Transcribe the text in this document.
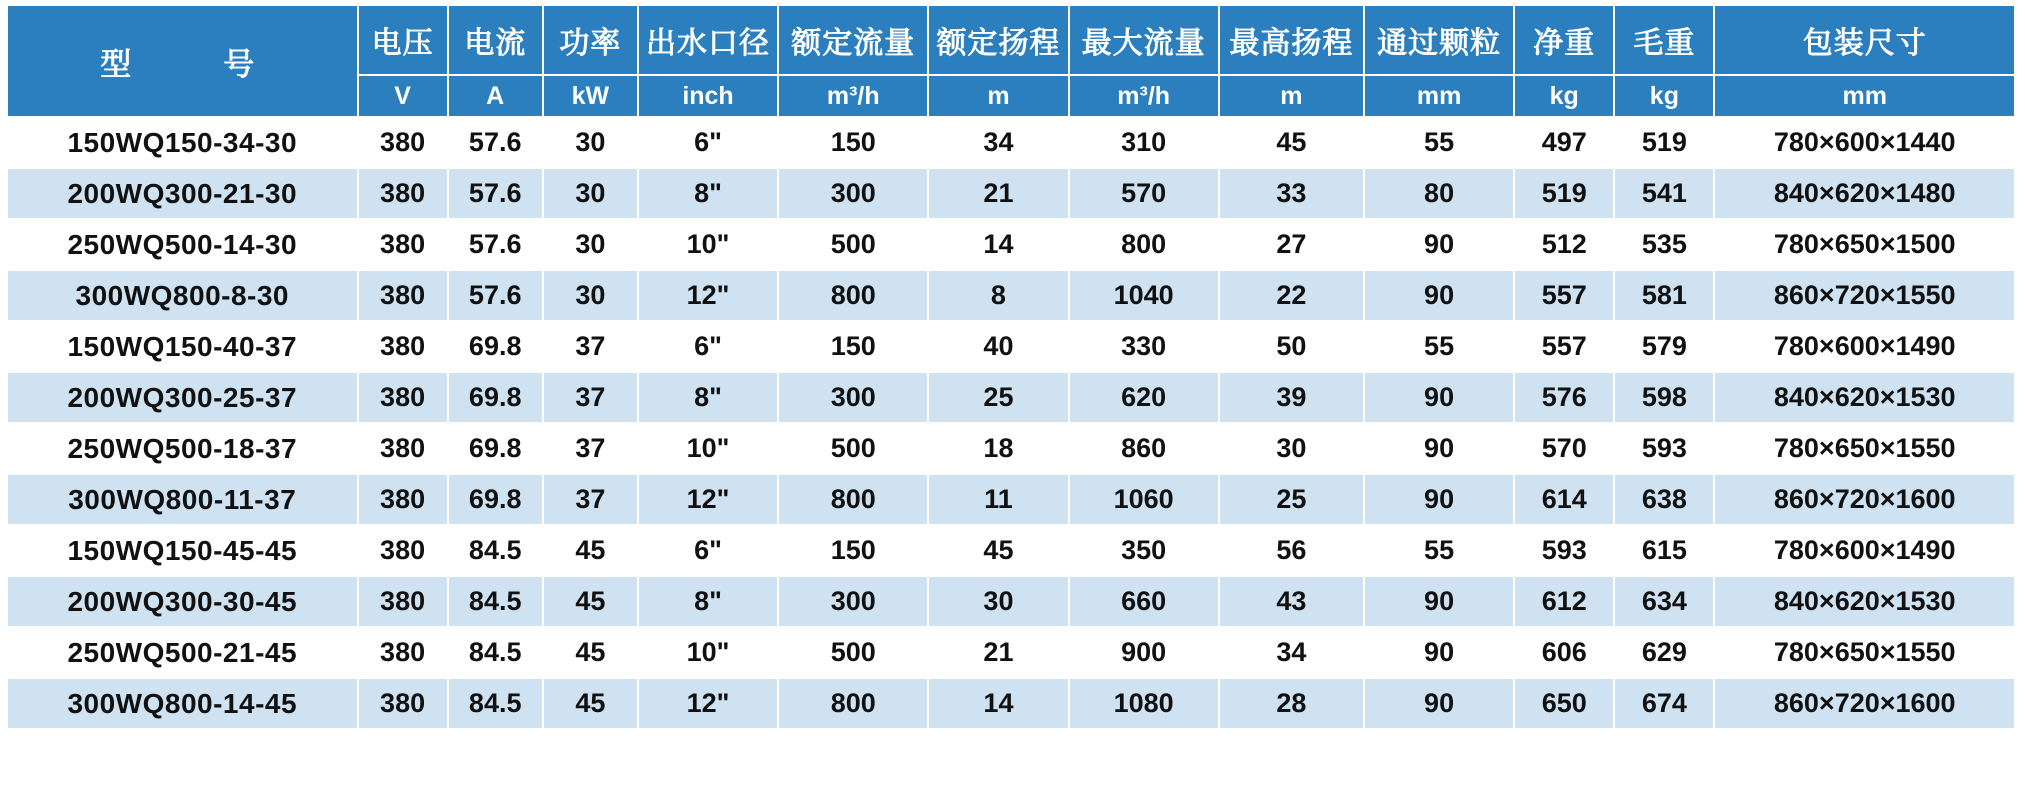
型　　号	电压	电流	功率	出水口径	额定流量	额定扬程	最大流量	最高扬程	通过颗粒	净重	毛重	包装尺寸
	V	A	kW	inch	m³/h	m	m³/h	m	mm	kg	kg	mm
150WQ150-34-30	380	57.6	30	6"	150	34	310	45	55	497	519	780×600×1440
200WQ300-21-30	380	57.6	30	8"	300	21	570	33	80	519	541	840×620×1480
250WQ500-14-30	380	57.6	30	10"	500	14	800	27	90	512	535	780×650×1500
300WQ800-8-30	380	57.6	30	12"	800	8	1040	22	90	557	581	860×720×1550
150WQ150-40-37	380	69.8	37	6"	150	40	330	50	55	557	579	780×600×1490
200WQ300-25-37	380	69.8	37	8"	300	25	620	39	90	576	598	840×620×1530
250WQ500-18-37	380	69.8	37	10"	500	18	860	30	90	570	593	780×650×1550
300WQ800-11-37	380	69.8	37	12"	800	11	1060	25	90	614	638	860×720×1600
150WQ150-45-45	380	84.5	45	6"	150	45	350	56	55	593	615	780×600×1490
200WQ300-30-45	380	84.5	45	8"	300	30	660	43	90	612	634	840×620×1530
250WQ500-21-45	380	84.5	45	10"	500	21	900	34	90	606	629	780×650×1550
300WQ800-14-45	380	84.5	45	12"	800	14	1080	28	90	650	674	860×720×1600
